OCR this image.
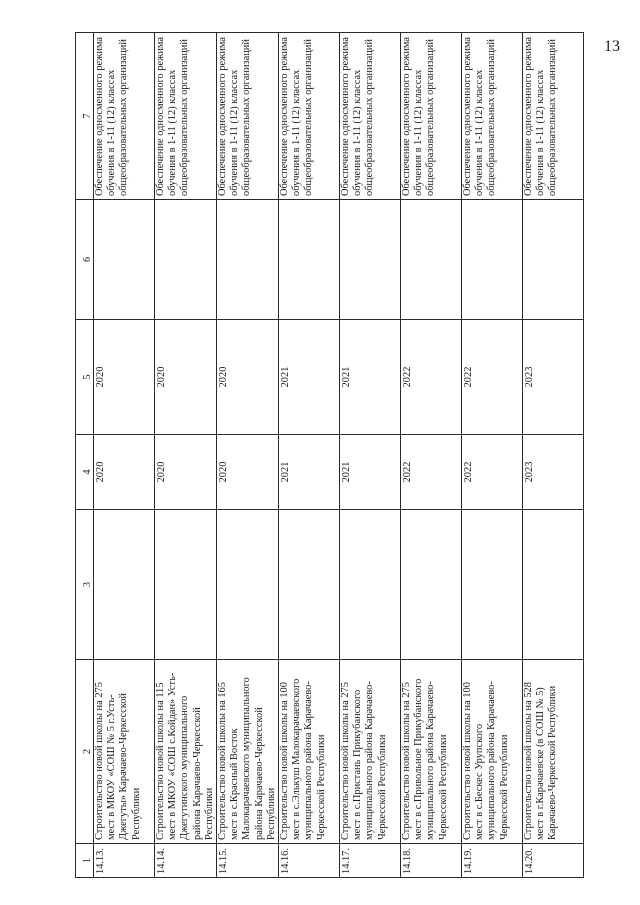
13
1	2	3	4	5	6	7

14.13.	Строительство новой школы на 275 мест в МКОУ «СОШ № 5 г.Усть-Джегуты» Карачаево-Черкесской Республики		2020	2020		Обеспечение односменного режима обучения в 1-11 (12) классах общеобразовательных организаций
14.14.	Строительство новой школы на 115 мест в МКОУ «СОШ с.Койдан» Усть-Джегутинского муниципального района Карачаево-Черкесской Республики		2020	2020		Обеспечение односменного режима обучения в 1-11 (12) классах общеобразовательных организаций
14.15.	Строительство новой школы на 165 мест в с.Красный Восток Малокарачаевского муниципального района Карачаево-Черкесской Республики		2020	2020		Обеспечение односменного режима обучения в 1-11 (12) классах общеобразовательных организаций
14.16.	Строительство новой школы на 100 мест в с.Элькуш Малокарачаевского муниципального района Карачаево-Черкесской Республики		2021	2021		Обеспечение односменного режима обучения в 1-11 (12) классах общеобразовательных организаций
14.17.	Строительство новой школы на 275 мест в с.Пристань Прикубанского муниципального района Карачаево-Черкесской Республики		2021	2021		Обеспечение односменного режима обучения в 1-11 (12) классах общеобразовательных организаций
14.18.	Строительство новой школы на 275 мест в с.Привольное Прикубанского муниципального района Карачаево-Черкесской Республики		2022	2022		Обеспечение односменного режима обучения в 1-11 (12) классах общеобразовательных организаций
14.19.	Строительство новой школы на 100 мест в с.Бескес Урупского муниципального района Карачаево-Черкесской Республики		2022	2022		Обеспечение односменного режима обучения в 1-11 (12) классах общеобразовательных организаций
14.20.	Строительство новой школы на 528 мест в г.Карачаевске (в СОШ № 5) Карачаево-Черкесской Республики		2023	2023		Обеспечение односменного режима обучения в 1-11 (12) классах общеобразовательных организаций
